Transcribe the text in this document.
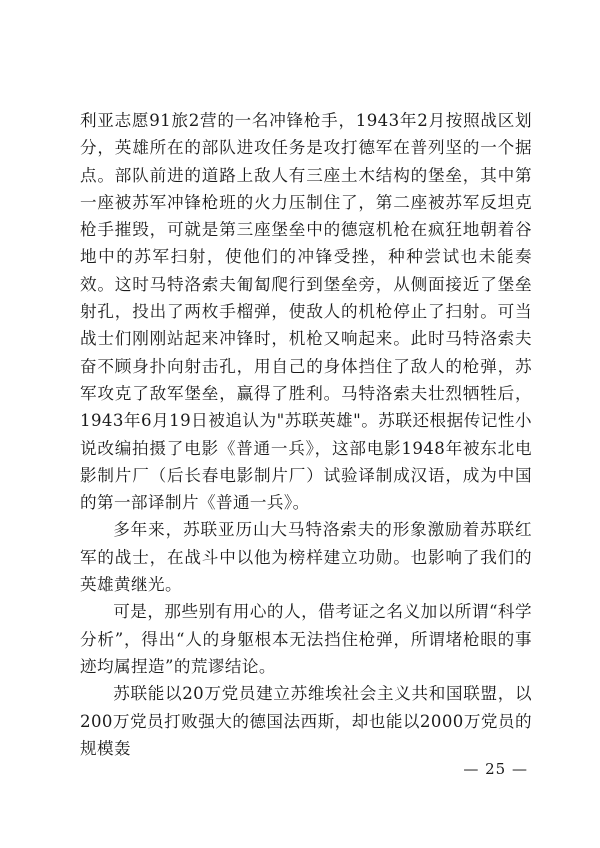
利亚志愿91旅2营的一名冲锋枪手，1943年2月按照战区划分，英雄所在的部队进攻任务是攻打德军在普列坚的一个据点。部队前进的道路上敌人有三座土木结构的堡垒，其中第一座被苏军冲锋枪班的火力压制住了，第二座被苏军反坦克枪手摧毁，可就是第三座堡垒中的德寇机枪在疯狂地朝着谷地中的苏军扫射，使他们的冲锋受挫，种种尝试也未能奏效。这时马特洛索夫匍匐爬行到堡垒旁，从侧面接近了堡垒射孔，投出了两枚手榴弹，使敌人的机枪停止了扫射。可当战士们刚刚站起来冲锋时，机枪又响起来。此时马特洛索夫奋不顾身扑向射击孔，用自己的身体挡住了敌人的枪弹，苏军攻克了敌军堡垒，赢得了胜利。马特洛索夫壮烈牺牲后，1943年6月19日被追认为"苏联英雄"。苏联还根据传记性小说改编拍摄了电影《普通一兵》，这部电影1948年被东北电影制片厂（后长春电影制片厂）试验译制成汉语，成为中国的第一部译制片《普通一兵》。

多年来，苏联亚历山大马特洛索夫的形象激励着苏联红军的战士，在战斗中以他为榜样建立功勋。也影响了我们的英雄黄继光。

可是，那些别有用心的人，借考证之名义加以所谓“科学分析”，得出“人的身躯根本无法挡住枪弹，所谓堵枪眼的事迹均属捏造”的荒谬结论。

苏联能以20万党员建立苏维埃社会主义共和国联盟，以200万党员打败强大的德国法西斯，却也能以2000万党员的规模轰

— 25 —
